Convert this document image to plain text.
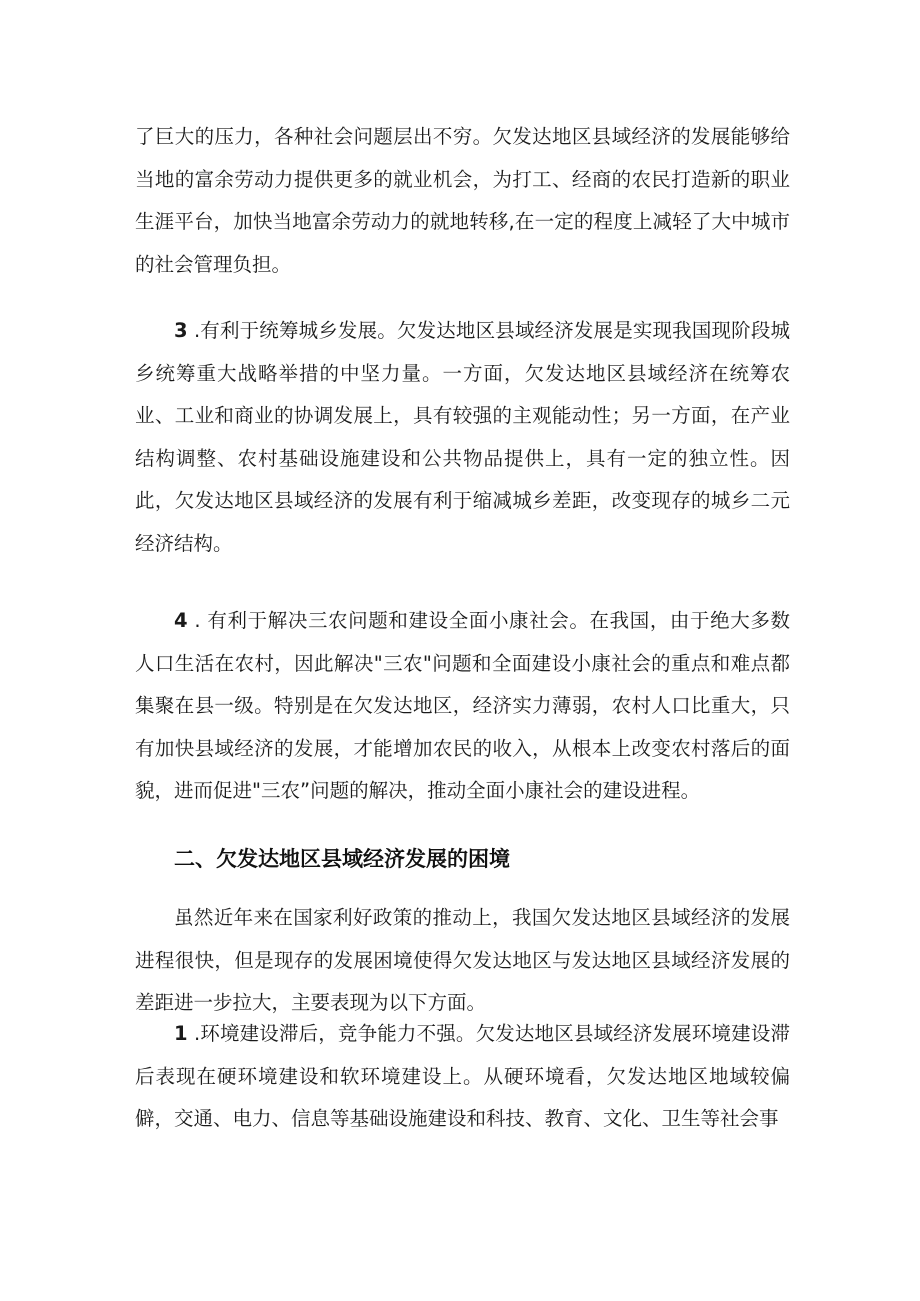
了巨大的压力，各种社会问题层出不穷。欠发达地区县域经济的发展能够给当地的富余劳动力提供更多的就业机会，为打工、经商的农民打造新的职业生涯平台，加快当地富余劳动力的就地转移,在一定的程度上减轻了大中城市的社会管理负担。

3 .有利于统筹城乡发展。欠发达地区县域经济发展是实现我国现阶段城乡统筹重大战略举措的中坚力量。一方面，欠发达地区县域经济在统筹农业、工业和商业的协调发展上，具有较强的主观能动性；另一方面，在产业结构调整、农村基础设施建设和公共物品提供上，具有一定的独立性。因此，欠发达地区县域经济的发展有利于缩减城乡差距，改变现存的城乡二元经济结构。

4 . 有利于解决三农问题和建设全面小康社会。在我国，由于绝大多数人口生活在农村，因此解决"三农"问题和全面建设小康社会的重点和难点都集聚在县一级。特别是在欠发达地区，经济实力薄弱，农村人口比重大，只有加快县域经济的发展，才能增加农民的收入，从根本上改变农村落后的面貌，进而促进"三农”问题的解决，推动全面小康社会的建设进程。

二、欠发达地区县域经济发展的困境

虽然近年来在国家利好政策的推动上，我国欠发达地区县域经济的发展进程很快，但是现存的发展困境使得欠发达地区与发达地区县域经济发展的差距进一步拉大，主要表现为以下方面。

1 .环境建设滞后，竞争能力不强。欠发达地区县域经济发展环境建设滞后表现在硬环境建设和软环境建设上。从硬环境看，欠发达地区地域较偏僻，交通、电力、信息等基础设施建设和科技、教育、文化、卫生等社会事
